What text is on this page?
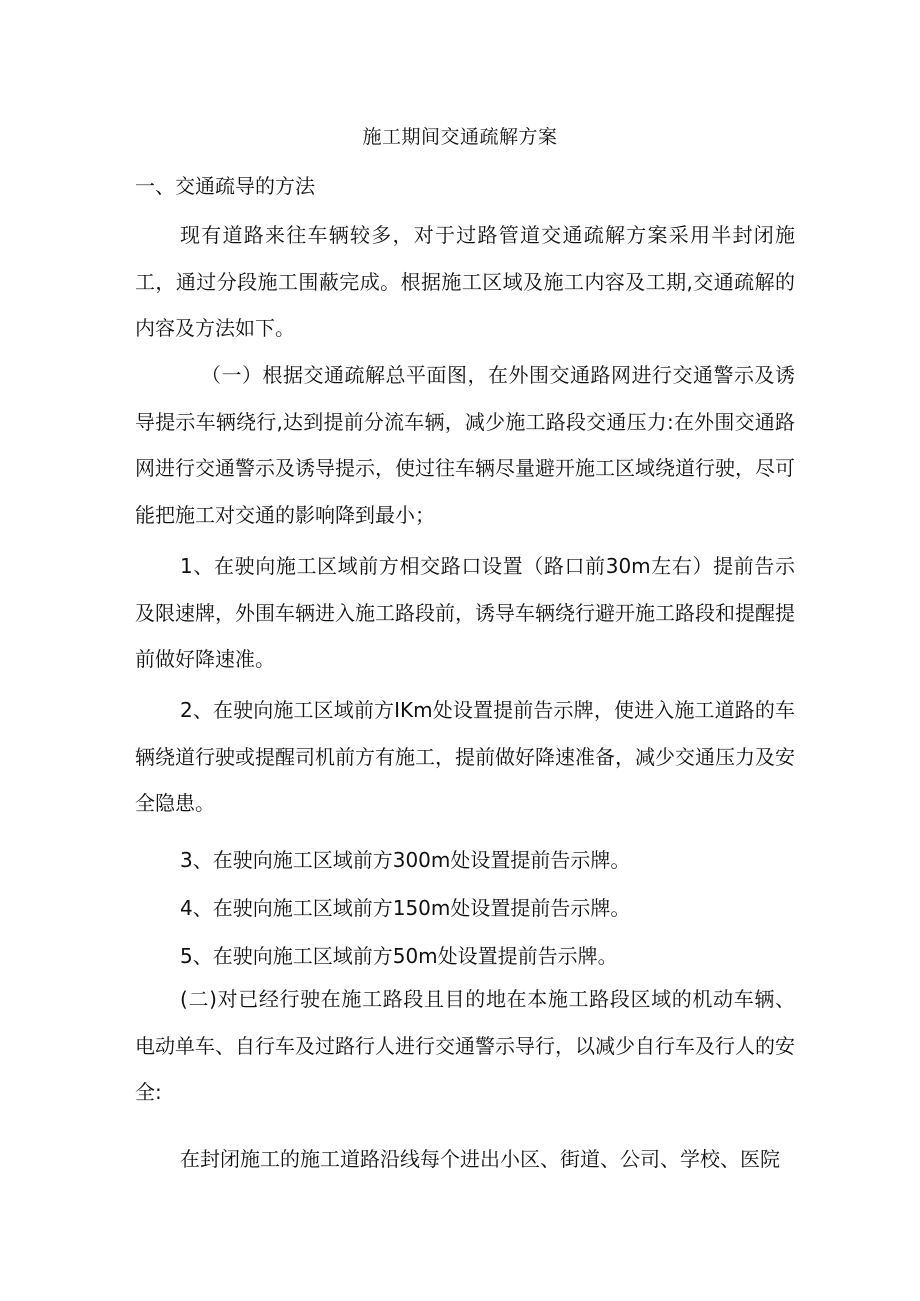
施工期间交通疏解方案
一、交通疏导的方法

现有道路来往车辆较多，对于过路管道交通疏解方案采用半封闭施工，通过分段施工围蔽完成。根据施工区域及施工内容及工期,交通疏解的内容及方法如下。

（一）根据交通疏解总平面图，在外围交通路网进行交通警示及诱导提示车辆绕行,达到提前分流车辆，减少施工路段交通压力:在外围交通路网进行交通警示及诱导提示，使过往车辆尽量避开施工区域绕道行驶，尽可能把施工对交通的影响降到最小；

1、在驶向施工区域前方相交路口设置（路口前30m左右）提前告示及限速牌，外围车辆进入施工路段前，诱导车辆绕行避开施工路段和提醒提前做好降速准。

2、在驶向施工区域前方IKm处设置提前告示牌，使进入施工道路的车辆绕道行驶或提醒司机前方有施工，提前做好降速准备，减少交通压力及安全隐患。

3、在驶向施工区域前方300m处设置提前告示牌。
4、在驶向施工区域前方150m处设置提前告示牌。
5、在驶向施工区域前方50m处设置提前告示牌。

(二)对已经行驶在施工路段且目的地在本施工路段区域的机动车辆、电动单车、自行车及过路行人进行交通警示导行，以减少自行车及行人的安全:

在封闭施工的施工道路沿线每个进出小区、街道、公司、学校、医院
